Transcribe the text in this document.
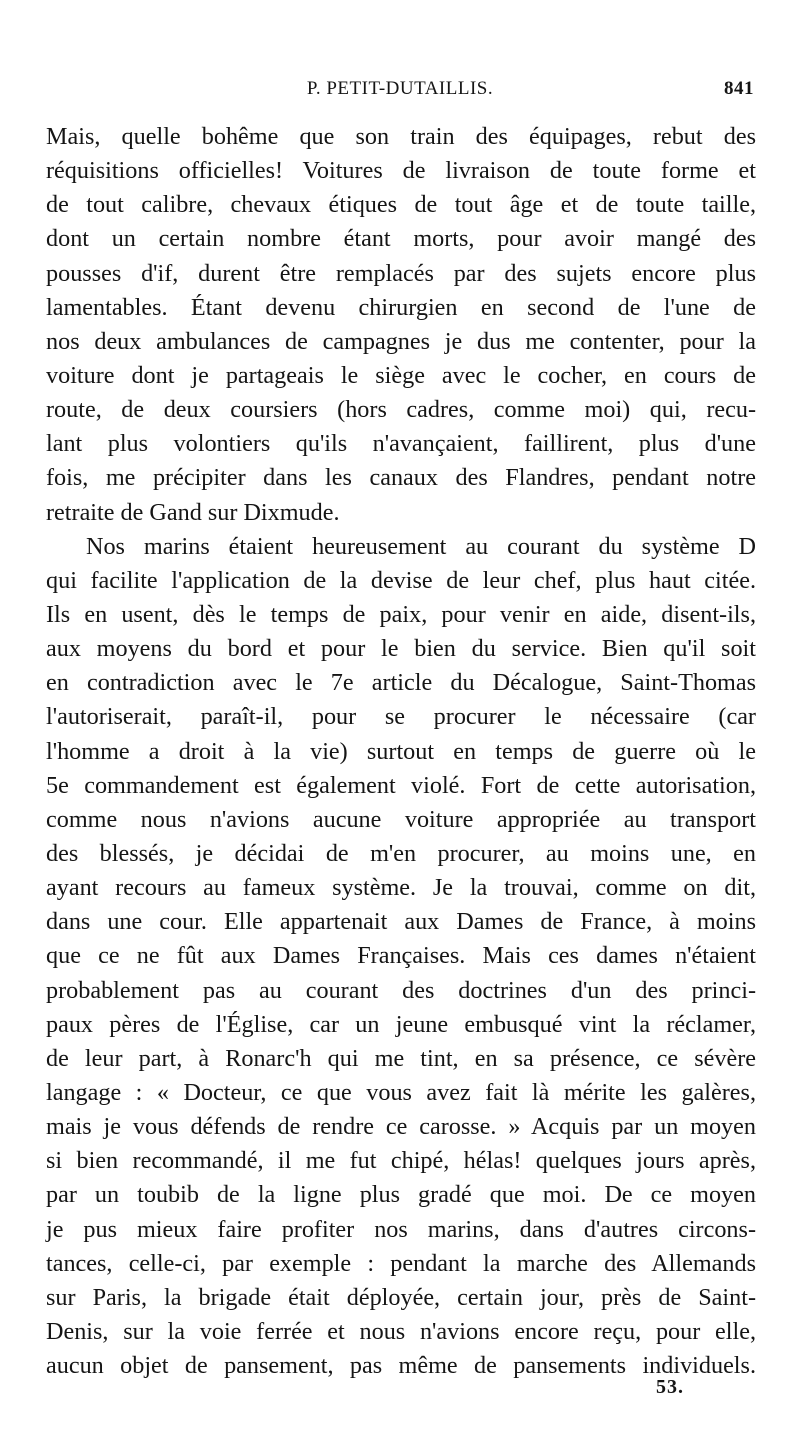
P. PETIT-DUTAILLIS.	841
Mais, quelle bohême que son train des équipages, rebut des
réquisitions officielles! Voitures de livraison de toute forme et
de tout calibre, chevaux étiques de tout âge et de toute taille,
dont un certain nombre étant morts, pour avoir mangé des
pousses d'if, durent être remplacés par des sujets encore plus
lamentables. Étant devenu chirurgien en second de l'une de
nos deux ambulances de campagnes je dus me contenter, pour la
voiture dont je partageais le siège avec le cocher, en cours de
route, de deux coursiers (hors cadres, comme moi) qui, recu-
lant plus volontiers qu'ils n'avançaient, faillirent, plus d'une
fois, me précipiter dans les canaux des Flandres, pendant notre
retraite de Gand sur Dixmude.
Nos marins étaient heureusement au courant du système D
qui facilite l'application de la devise de leur chef, plus haut citée.
Ils en usent, dès le temps de paix, pour venir en aide, disent-ils,
aux moyens du bord et pour le bien du service. Bien qu'il soit
en contradiction avec le 7e article du Décalogue, Saint-Thomas
l'autoriserait, paraît-il, pour se procurer le nécessaire (car
l'homme a droit à la vie) surtout en temps de guerre où le
5e commandement est également violé. Fort de cette autorisation,
comme nous n'avions aucune voiture appropriée au transport
des blessés, je décidai de m'en procurer, au moins une, en
ayant recours au fameux système. Je la trouvai, comme on dit,
dans une cour. Elle appartenait aux Dames de France, à moins
que ce ne fût aux Dames Françaises. Mais ces dames n'étaient
probablement pas au courant des doctrines d'un des princi-
paux pères de l'Église, car un jeune embusqué vint la réclamer,
de leur part, à Ronarc'h qui me tint, en sa présence, ce sévère
langage : « Docteur, ce que vous avez fait là mérite les galères,
mais je vous défends de rendre ce carosse. » Acquis par un moyen
si bien recommandé, il me fut chipé, hélas! quelques jours après,
par un toubib de la ligne plus gradé que moi. De ce moyen
je pus mieux faire profiter nos marins, dans d'autres circons-
tances, celle-ci, par exemple : pendant la marche des Allemands
sur Paris, la brigade était déployée, certain jour, près de Saint-
Denis, sur la voie ferrée et nous n'avions encore reçu, pour elle,
aucun objet de pansement, pas même de pansements individuels.
53.
